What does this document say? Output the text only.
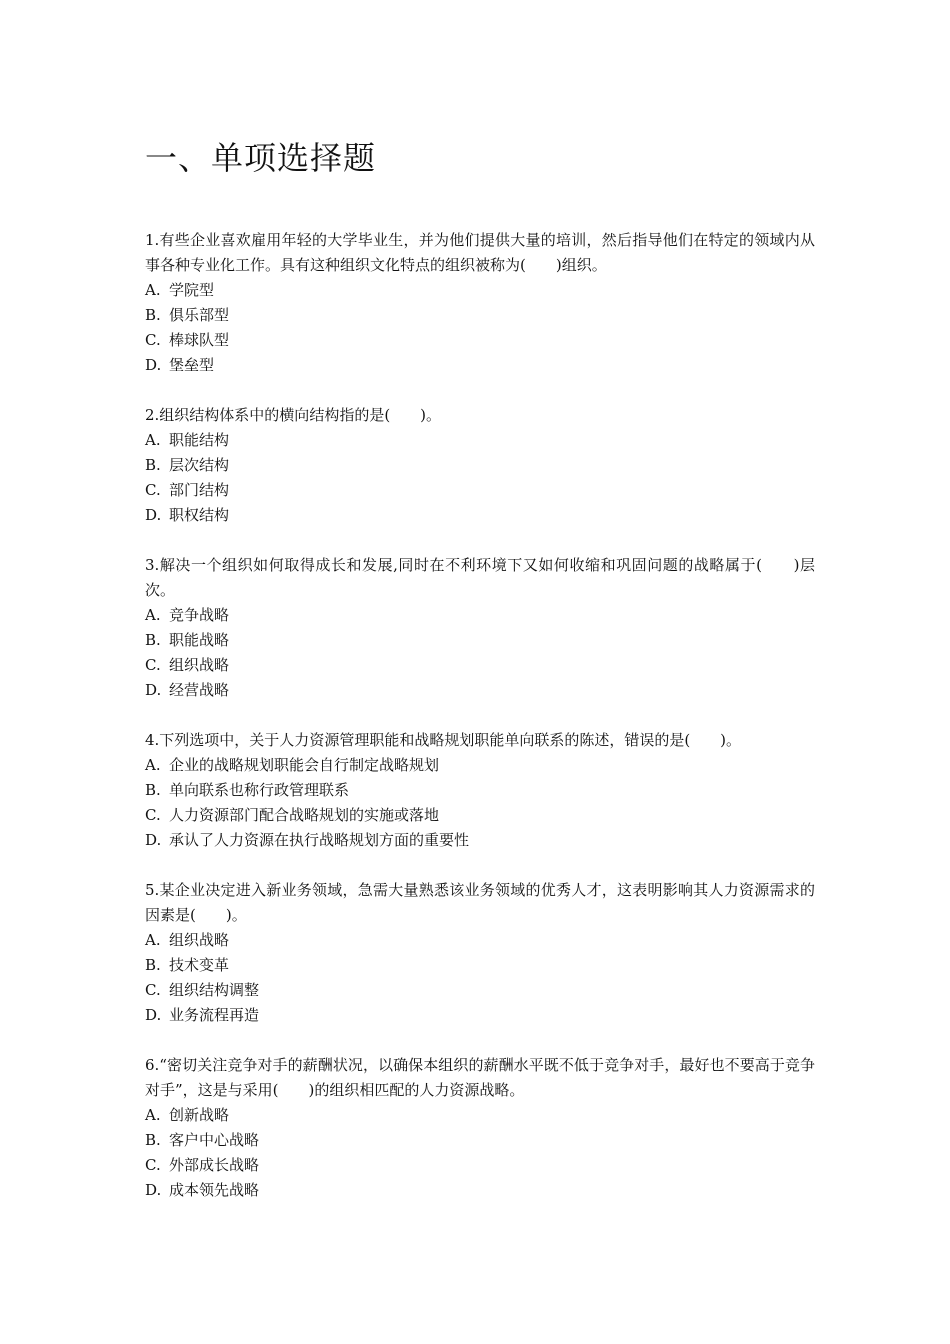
一、单项选择题

1.有些企业喜欢雇用年轻的大学毕业生，并为他们提供大量的培训，然后指导他们在特定的领域内从事各种专业化工作。具有这种组织文化特点的组织被称为(　　)组织。

A. 学院型
B. 俱乐部型
C. 棒球队型
D. 堡垒型

2.组织结构体系中的横向结构指的是(　　)。

A. 职能结构
B. 层次结构
C. 部门结构
D. 职权结构

3.解决一个组织如何取得成长和发展,同时在不利环境下又如何收缩和巩固问题的战略属于(　　)层次。

A. 竞争战略
B. 职能战略
C. 组织战略
D. 经营战略

4.下列选项中，关于人力资源管理职能和战略规划职能单向联系的陈述，错误的是(　　)。

A. 企业的战略规划职能会自行制定战略规划
B. 单向联系也称行政管理联系
C. 人力资源部门配合战略规划的实施或落地
D. 承认了人力资源在执行战略规划方面的重要性

5.某企业决定进入新业务领域，急需大量熟悉该业务领域的优秀人才，这表明影响其人力资源需求的因素是(　　)。

A. 组织战略
B. 技术变革
C. 组织结构调整
D. 业务流程再造

6.“密切关注竞争对手的薪酬状况，以确保本组织的薪酬水平既不低于竞争对手，最好也不要高于竞争对手”，这是与采用(　　)的组织相匹配的人力资源战略。

A. 创新战略
B. 客户中心战略
C. 外部成长战略
D. 成本领先战略
